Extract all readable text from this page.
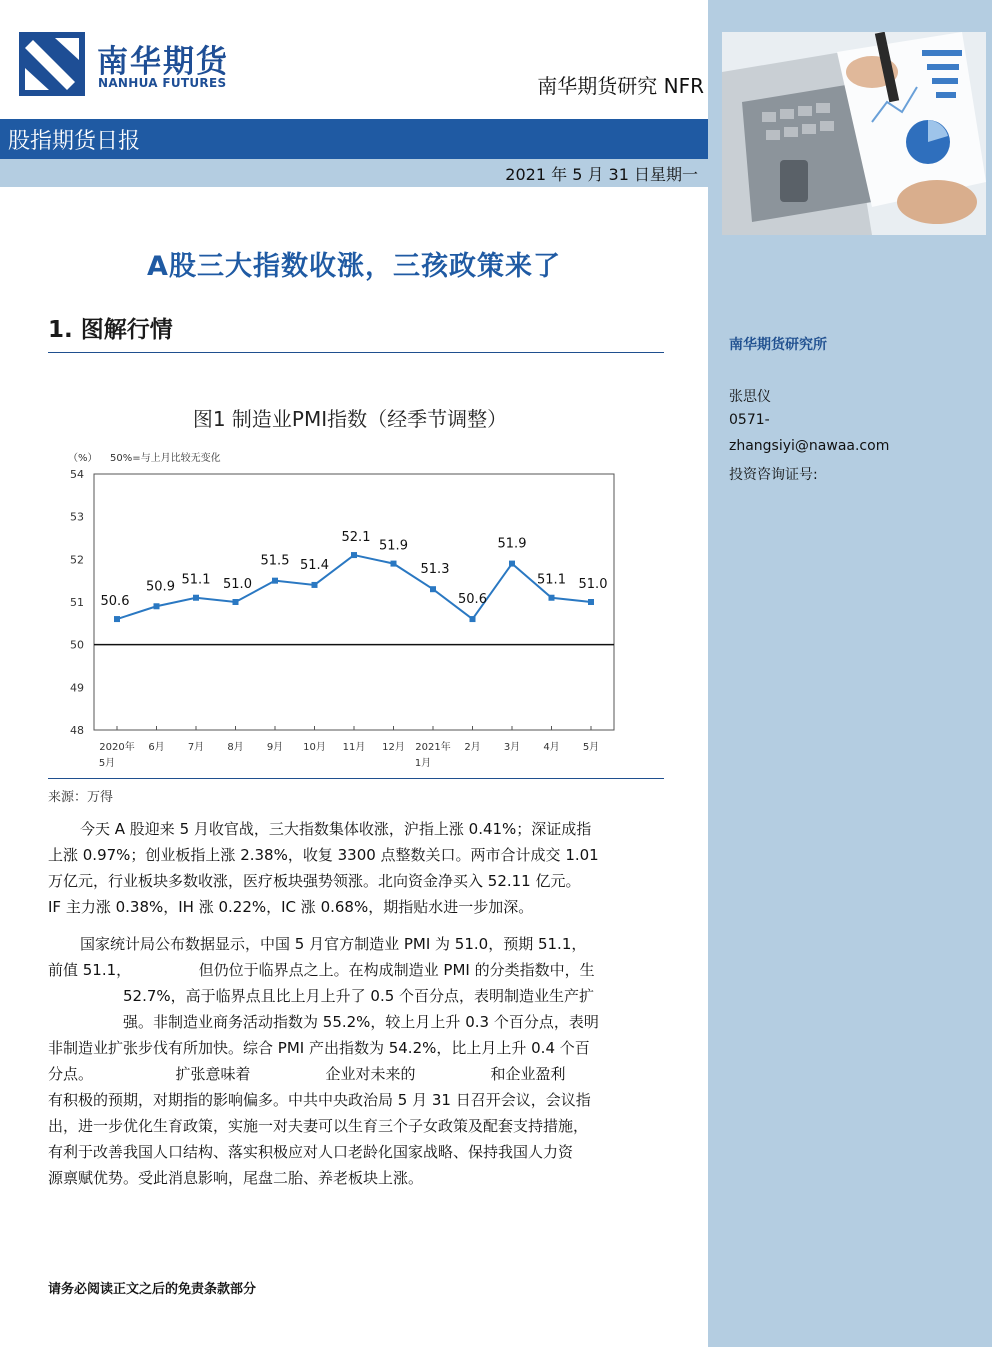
南华期货研究所
张思仪
0571-
zhangsiyi@nawaa.com
投资咨询证号:
南华期货
NANHUA FUTURES	南华期货研究 NFR
股指期货日报
2021 年 5 月 31 日星期一
A股三大指数收涨，三孩政策来了
1. 图解行情
图1 制造业PMI指数（经季节调整）
（%） 50%=与上月比较无变化
54
53
52
51
50
49
48
50.6
50.9 51.1 51.0
51.5 51.4
52.1
51.9
51.3
50.6
51.9
51.1 51.0
2020年
5月
6月 7月 8月 9月 10月 11月 12月 2021年
1月
2月 3月 4月 5月
来源：万得
今天 A 股迎来 5 月收官战，三大指数集体收涨，沪指上涨 0.41%；深证成指
上涨 0.97%；创业板指上涨 2.38%，收复 3300 点整数关口。两市合计成交 1.01
万亿元，行业板块多数收涨，医疗板块强势领涨。北向资金净买入 52.11 亿元。
IF 主力涨 0.38%，IH 涨 0.22%，IC 涨 0.68%，期指贴水进一步加深。
国家统计局公布数据显示，中国 5 月官方制造业 PMI 为 51.0，预期 51.1，
前值 51.1，　　　　　但仍位于临界点之上。在构成制造业 PMI 的分类指数中，生
　　　　　52.7%，高于临界点且比上月上升了 0.5 个百分点，表明制造业生产扩
　　　　　强。非制造业商务活动指数为 55.2%，较上月上升 0.3 个百分点，表明
非制造业扩张步伐有所加快。综合 PMI 产出指数为 54.2%，比上月上升 0.4 个百
分点。　　　　　　扩张意味着　　　　　企业对未来的　　　　　和企业盈利
有积极的预期，对期指的影响偏多。中共中央政治局 5 月 31 日召开会议，会议指
出，进一步优化生育政策，实施一对夫妻可以生育三个子女政策及配套支持措施，
有利于改善我国人口结构、落实积极应对人口老龄化国家战略、保持我国人力资
源禀赋优势。受此消息影响，尾盘二胎、养老板块上涨。
请务必阅读正文之后的免责条款部分
